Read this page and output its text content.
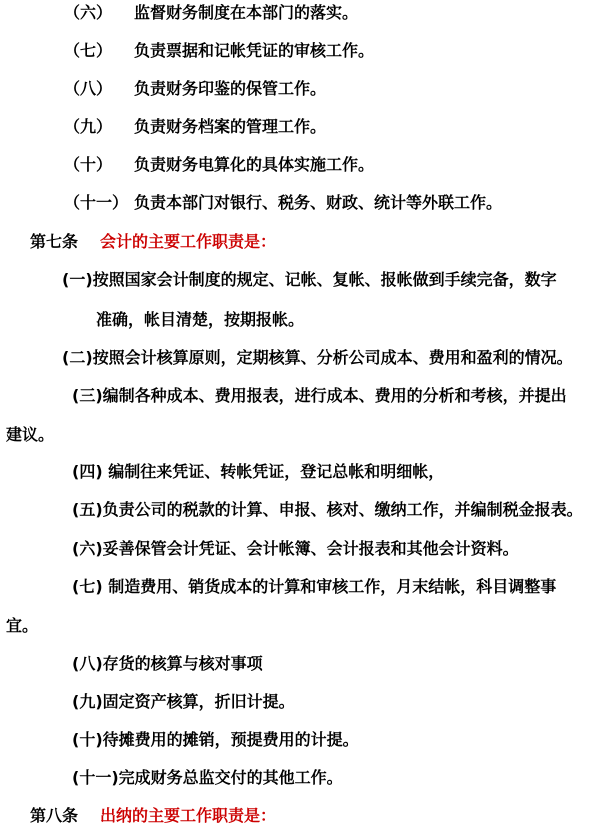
（六） 监督财务制度在本部门的落实。
（七） 负责票据和记帐凭证的审核工作。
（八） 负责财务印鉴的保管工作。
（九） 负责财务档案的管理工作。
（十） 负责财务电算化的具体实施工作。
（十一） 负责本部门对银行、税务、财政、统计等外联工作。
第七条 会计的主要工作职责是：
(一)按照国家会计制度的规定、记帐、复帐、报帐做到手续完备，数字
准确，帐目清楚，按期报帐。
(二)按照会计核算原则，定期核算、分析公司成本、费用和盈利的情况。
(三)编制各种成本、费用报表，进行成本、费用的分析和考核，并提出
建议。
(四) 编制往来凭证、转帐凭证，登记总帐和明细帐，
(五)负责公司的税款的计算、申报、核对、缴纳工作，并编制税金报表。
(六)妥善保管会计凭证、会计帐簿、会计报表和其他会计资料。
(七) 制造费用、销货成本的计算和审核工作，月末结帐，科目调整事
宜。
(八)存货的核算与核对事项
(九)固定资产核算，折旧计提。
(十)待摊费用的摊销，预提费用的计提。
(十一)完成财务总监交付的其他工作。
第八条 出纳的主要工作职责是：
